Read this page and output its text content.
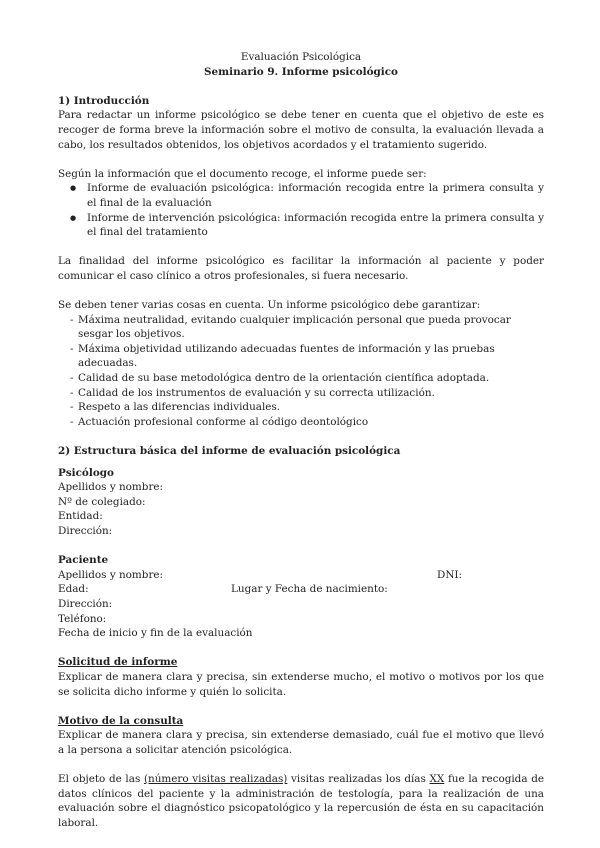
Evaluación Psicológica

Seminario 9. Informe psicológico

1) Introducción

Para redactar un informe psicológico se debe tener en cuenta que el objetivo de este es recoger de forma breve la información sobre el motivo de consulta, la evaluación llevada a cabo, los resultados obtenidos, los objetivos acordados y el tratamiento sugerido.

Según la información que el documento recoge, el informe puede ser:

● Informe de evaluación psicológica: información recogida entre la primera consulta y el final de la evaluación
● Informe de intervención psicológica: información recogida entre la primera consulta y el final del tratamiento

La finalidad del informe psicológico es facilitar la información al paciente y poder comunicar el caso clínico a otros profesionales, si fuera necesario.

Se deben tener varias cosas en cuenta. Un informe psicológico debe garantizar:

- Máxima neutralidad, evitando cualquier implicación personal que pueda provocar sesgar los objetivos.
- Máxima objetividad utilizando adecuadas fuentes de información y las pruebas adecuadas.
- Calidad de su base metodológica dentro de la orientación científica adoptada.
- Calidad de los instrumentos de evaluación y su correcta utilización.
- Respeto a las diferencias individuales.
- Actuación profesional conforme al código deontológico

2) Estructura básica del informe de evaluación psicológica

Psicólogo

Apellidos y nombre:

Nº de colegiado:

Entidad:

Dirección:

Paciente

Apellidos y nombre:	DNI:
Edad:	Lugar y Fecha de nacimiento:

Dirección:

Teléfono:

Fecha de inicio y fin de la evaluación

Solicitud de informe

Explicar de manera clara y precisa, sin extenderse mucho, el motivo o motivos por los que se solicita dicho informe y quién lo solicita.

Motivo de la consulta

Explicar de manera clara y precisa, sin extenderse demasiado, cuál fue el motivo que llevó a la persona a solicitar atención psicológica.

El objeto de las (número visitas realizadas) visitas realizadas los días XX fue la recogida de datos clínicos del paciente y la administración de testología, para la realización de una evaluación sobre el diagnóstico psicopatológico y la repercusión de ésta en su capacitación laboral.
